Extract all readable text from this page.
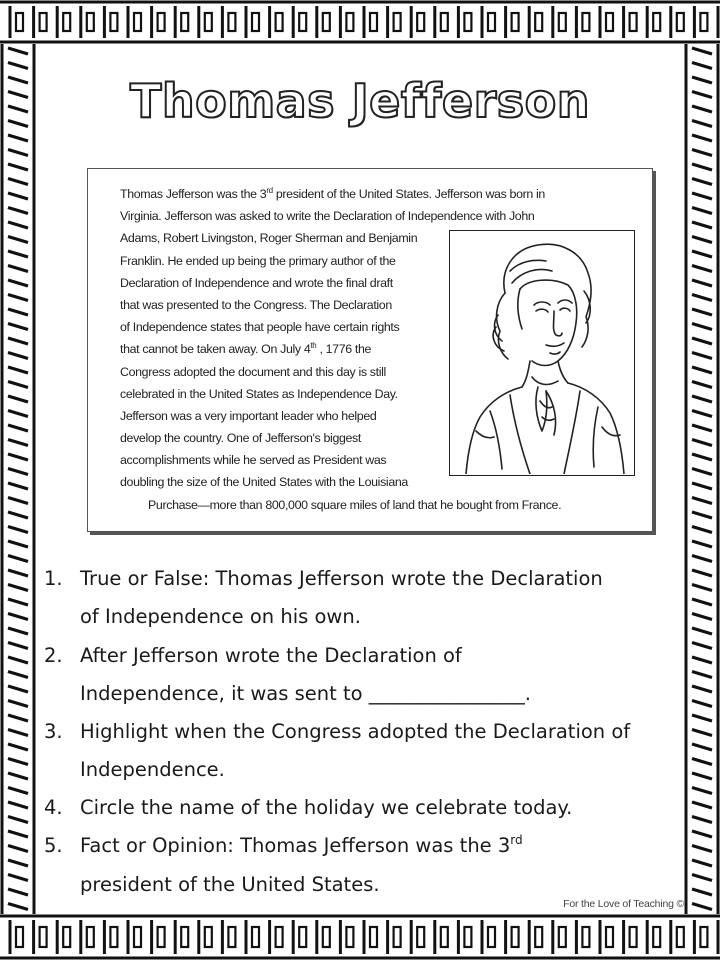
Thomas Jefferson
Thomas Jefferson was the 3rd president of the United States. Jefferson was born in
Virginia. Jefferson was asked to write the Declaration of Independence with John
Adams, Robert Livingston, Roger Sherman and Benjamin
Franklin. He ended up being the primary author of the
Declaration of Independence and wrote the final draft
that was presented to the Congress. The Declaration
of Independence states that people have certain rights
that cannot be taken away. On July 4th , 1776 the
Congress adopted the document and this day is still
celebrated in the United States as Independence Day.
Jefferson was a very important leader who helped
develop the country. One of Jefferson's biggest
accomplishments while he served as President was
doubling the size of the United States with the Louisiana
Purchase—more than 800,000 square miles of land that he bought from France.
1. True or False: Thomas Jefferson wrote the Declaration
of Independence on his own.
2. After Jefferson wrote the Declaration of
Independence, it was sent to ________________.
3. Highlight when the Congress adopted the Declaration of
Independence.
4. Circle the name of the holiday we celebrate today.
5. Fact or Opinion: Thomas Jefferson was the 3rd
president of the United States.
For the Love of Teaching ©
